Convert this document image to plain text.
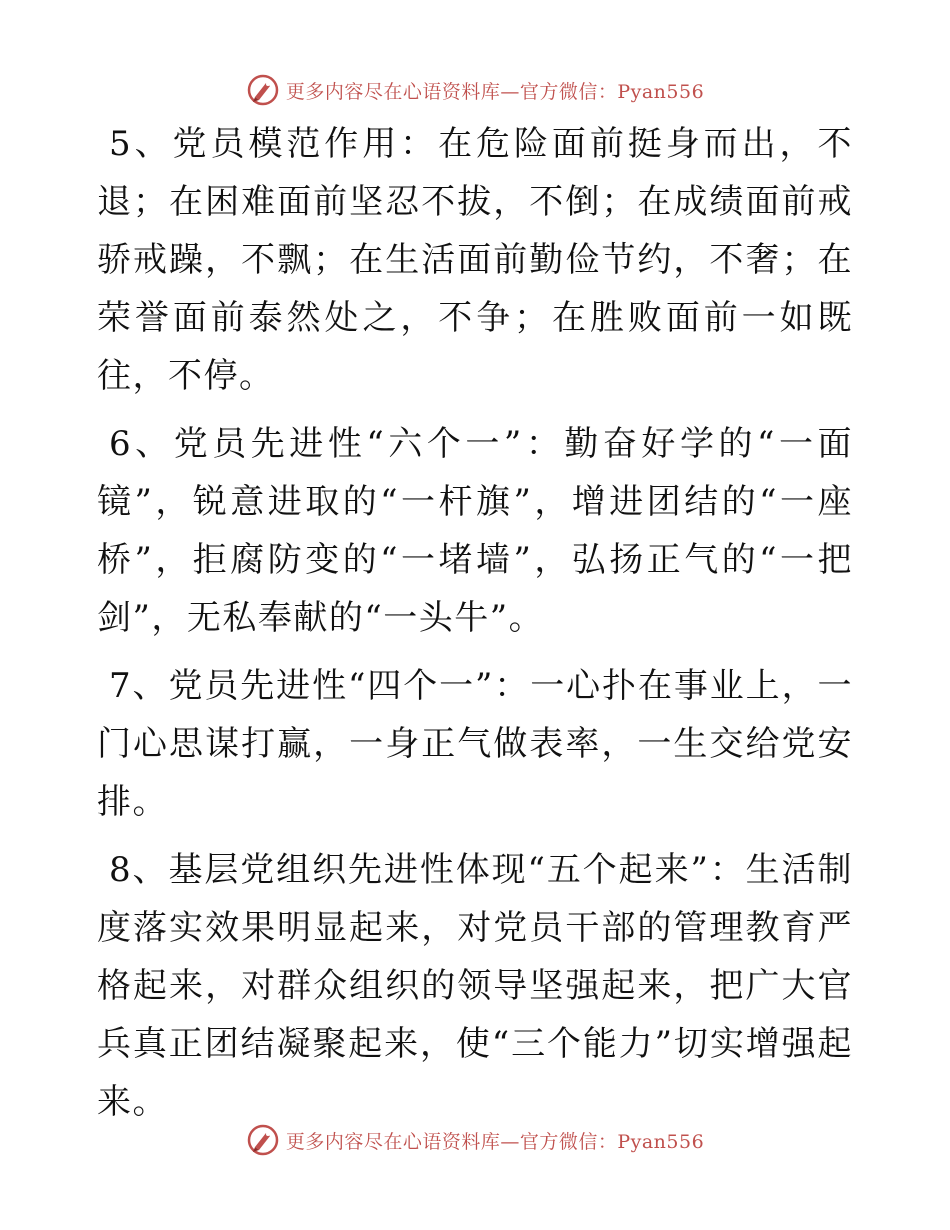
更多内容尽在心语资料库—官方微信：Pyan556

5、党员模范作用：在危险面前挺身而出，不退；在困难面前坚忍不拔，不倒；在成绩面前戒骄戒躁，不飘；在生活面前勤俭节约，不奢；在荣誉面前泰然处之，不争；在胜败面前一如既往，不停。

6、党员先进性“六个一”：勤奋好学的“一面镜”，锐意进取的“一杆旗”，增进团结的“一座桥”，拒腐防变的“一堵墙”，弘扬正气的“一把剑”，无私奉献的“一头牛”。

7、党员先进性“四个一”：一心扑在事业上，一门心思谋打赢，一身正气做表率，一生交给党安排。

8、基层党组织先进性体现“五个起来”：生活制度落实效果明显起来，对党员干部的管理教育严格起来，对群众组织的领导坚强起来，把广大官兵真正团结凝聚起来，使“三个能力”切实增强起来。

更多内容尽在心语资料库—官方微信：Pyan556
